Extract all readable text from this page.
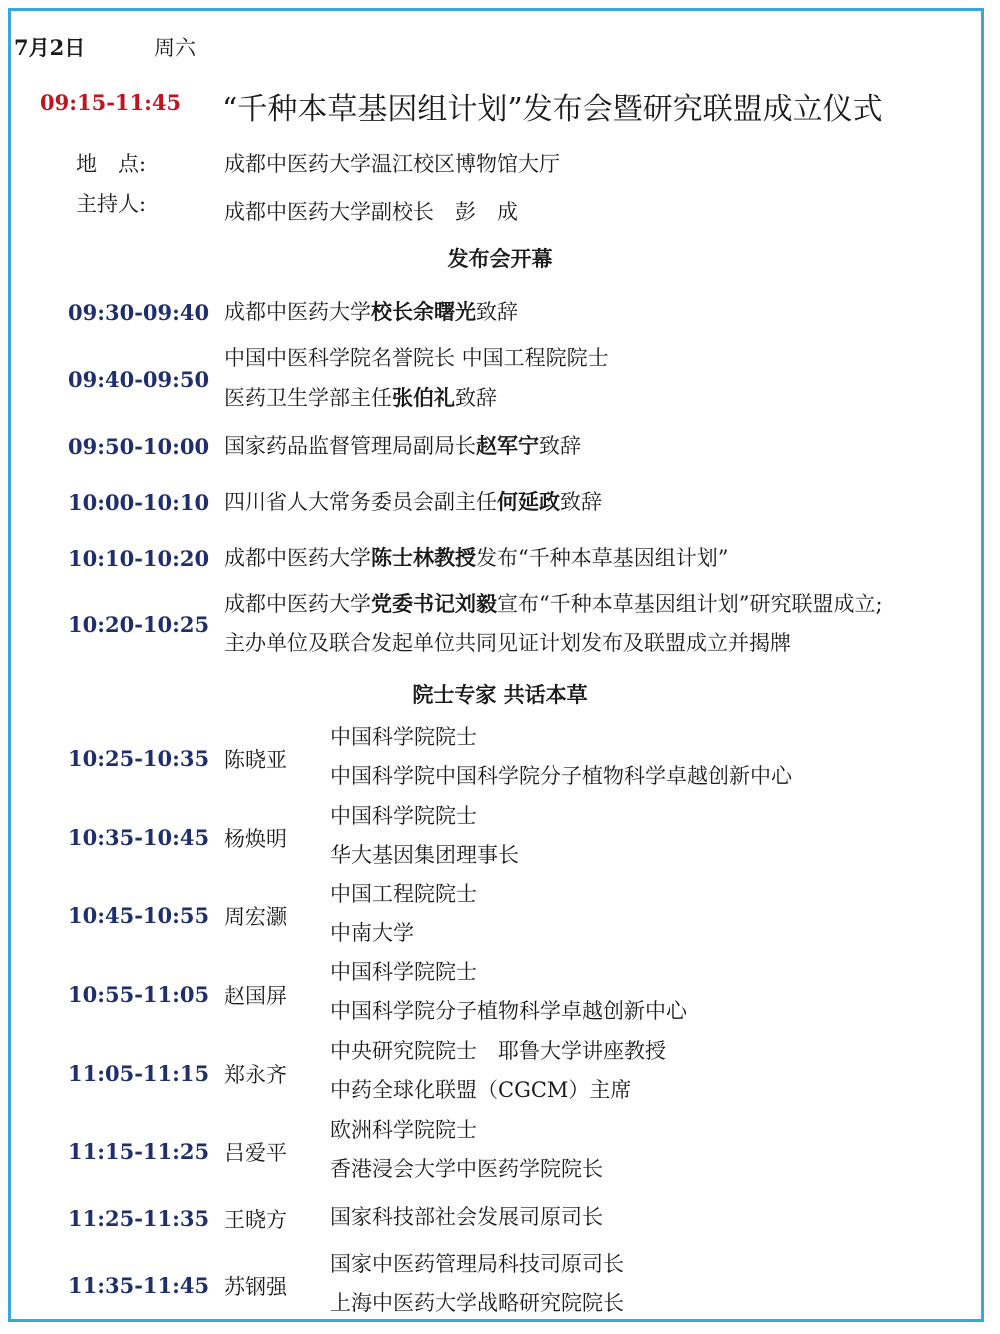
7月2日	周六
09:15-11:45 “千种本草基因组计划”发布会暨研究联盟成立仪式
地　点:	成都中医药大学温江校区博物馆大厅
主持人:	成都中医药大学副校长　彭　成
发布会开幕
09:30-09:40 成都中医药大学校长余曙光致辞
09:40-09:50
中国中医科学院名誉院长 中国工程院院士
医药卫生学部主任张伯礼致辞
09:50-10:00 国家药品监督管理局副局长赵军宁致辞
10:00-10:10 四川省人大常务委员会副主任何延政致辞
10:10-10:20 成都中医药大学陈士林教授发布“千种本草基因组计划”
10:20-10:25
成都中医药大学党委书记刘毅宣布“千种本草基因组计划”研究联盟成立;
主办单位及联合发起单位共同见证计划发布及联盟成立并揭牌
院士专家 共话本草
10:25-10:35 陈晓亚
中国科学院院士
中国科学院中国科学院分子植物科学卓越创新中心
10:35-10:45 杨焕明
中国科学院院士
华大基因集团理事长
10:45-10:55 周宏灏
中国工程院院士
中南大学
10:55-11:05 赵国屏
中国科学院院士
中国科学院分子植物科学卓越创新中心
11:05-11:15 郑永齐
中央研究院院士　耶鲁大学讲座教授
中药全球化联盟（CGCM）主席
11:15-11:25 吕爱平
欧洲科学院院士
香港浸会大学中医药学院院长
11:25-11:35 王晓方 国家科技部社会发展司原司长
11:35-11:45 苏钢强
国家中医药管理局科技司原司长
上海中医药大学战略研究院院长
